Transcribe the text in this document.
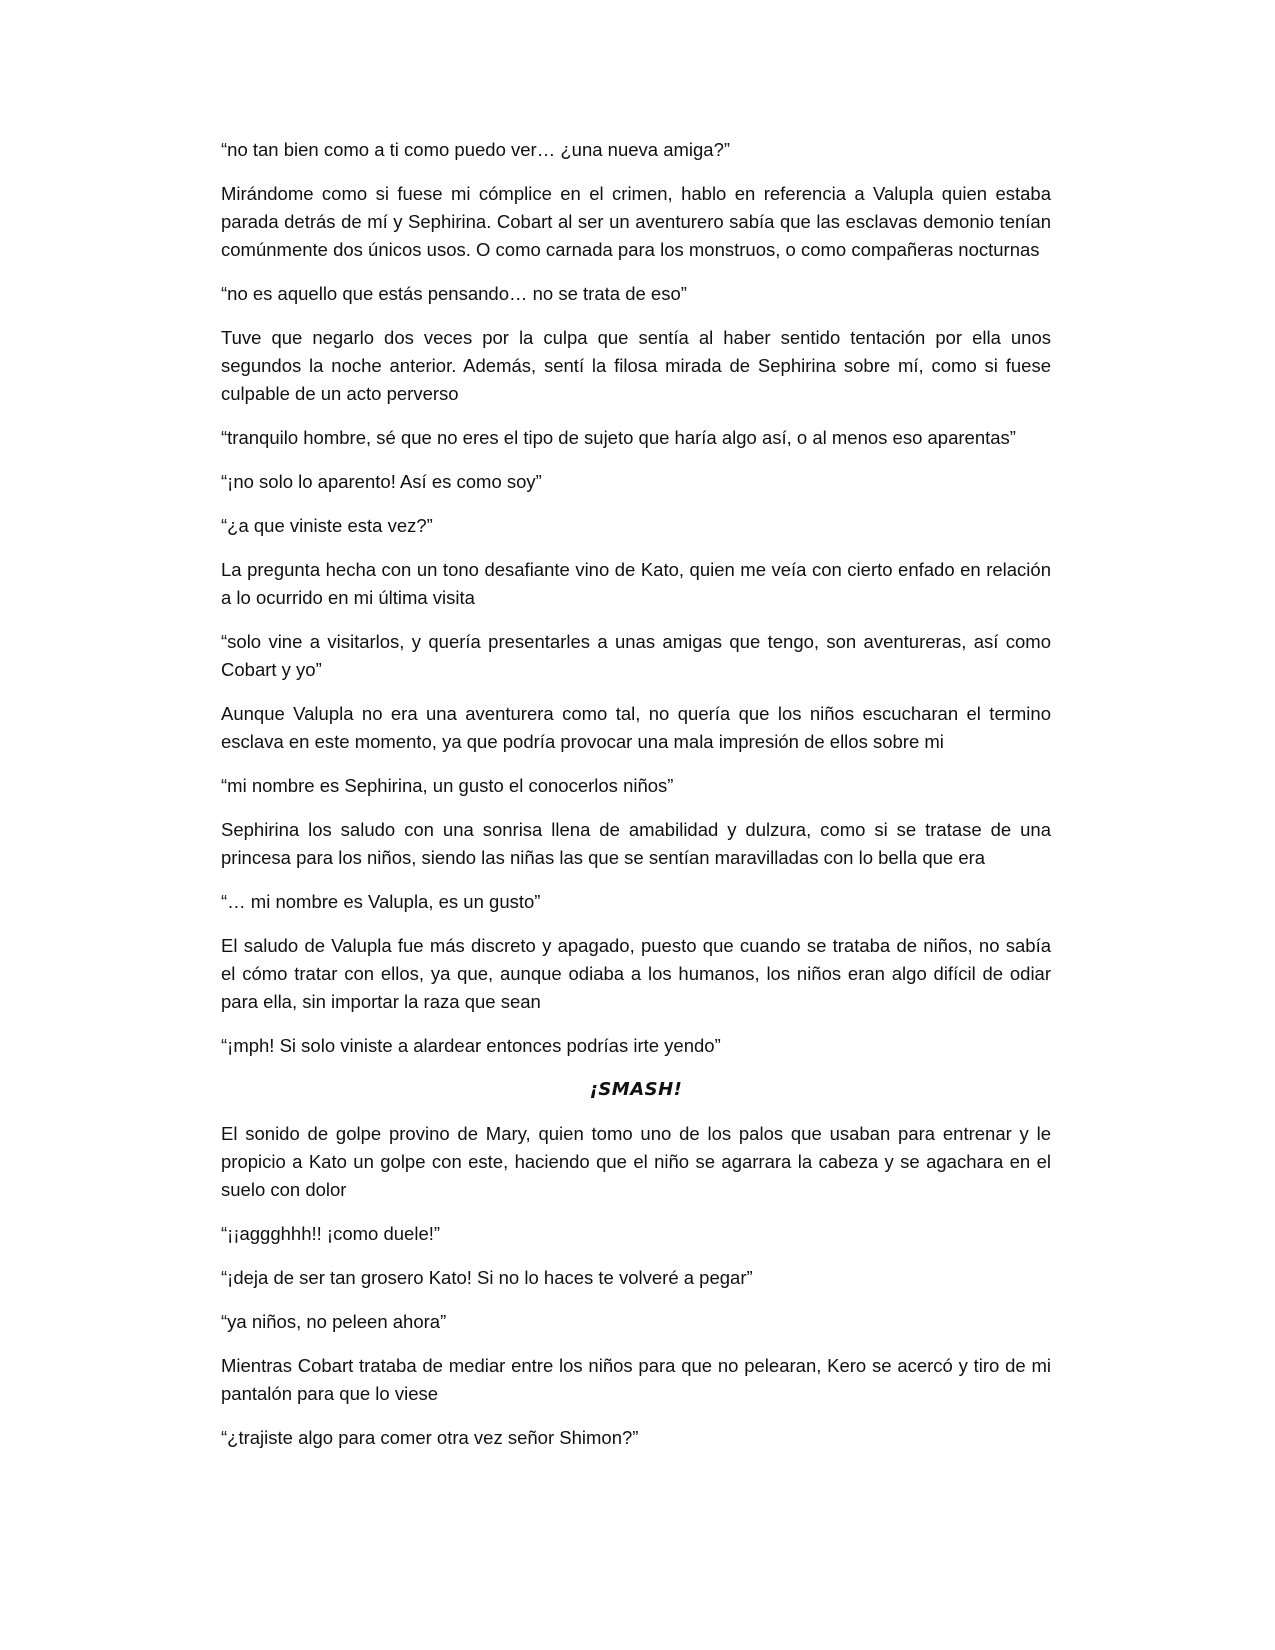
“no tan bien como a ti como puedo ver… ¿una nueva amiga?”

Mirándome como si fuese mi cómplice en el crimen, hablo en referencia a Valupla quien estaba parada detrás de mí y Sephirina. Cobart al ser un aventurero sabía que las esclavas demonio tenían comúnmente dos únicos usos. O como carnada para los monstruos, o como compañeras nocturnas

“no es aquello que estás pensando… no se trata de eso”

Tuve que negarlo dos veces por la culpa que sentía al haber sentido tentación por ella unos segundos la noche anterior. Además, sentí la filosa mirada de Sephirina sobre mí, como si fuese culpable de un acto perverso

“tranquilo hombre, sé que no eres el tipo de sujeto que haría algo así, o al menos eso aparentas”

“¡no solo lo aparento! Así es como soy”

“¿a que viniste esta vez?”

La pregunta hecha con un tono desafiante vino de Kato, quien me veía con cierto enfado en relación a lo ocurrido en mi última visita

“solo vine a visitarlos, y quería presentarles a unas amigas que tengo, son aventureras, así como Cobart y yo”

Aunque Valupla no era una aventurera como tal, no quería que los niños escucharan el termino esclava en este momento, ya que podría provocar una mala impresión de ellos sobre mi

“mi nombre es Sephirina, un gusto el conocerlos niños”

Sephirina los saludo con una sonrisa llena de amabilidad y dulzura, como si se tratase de una princesa para los niños, siendo las niñas las que se sentían maravilladas con lo bella que era

“… mi nombre es Valupla, es un gusto”

El saludo de Valupla fue más discreto y apagado, puesto que cuando se trataba de niños, no sabía el cómo tratar con ellos, ya que, aunque odiaba a los humanos, los niños eran algo difícil de odiar para ella, sin importar la raza que sean

“¡mph! Si solo viniste a alardear entonces podrías irte yendo”

¡SMASH!

El sonido de golpe provino de Mary, quien tomo uno de los palos que usaban para entrenar y le propicio a Kato un golpe con este, haciendo que el niño se agarrara la cabeza y se agachara en el suelo con dolor

“¡¡aggghhh!! ¡como duele!”

“¡deja de ser tan grosero Kato! Si no lo haces te volveré a pegar”

“ya niños, no peleen ahora”

Mientras Cobart trataba de mediar entre los niños para que no pelearan, Kero se acercó y tiro de mi pantalón para que lo viese

“¿trajiste algo para comer otra vez señor Shimon?”
